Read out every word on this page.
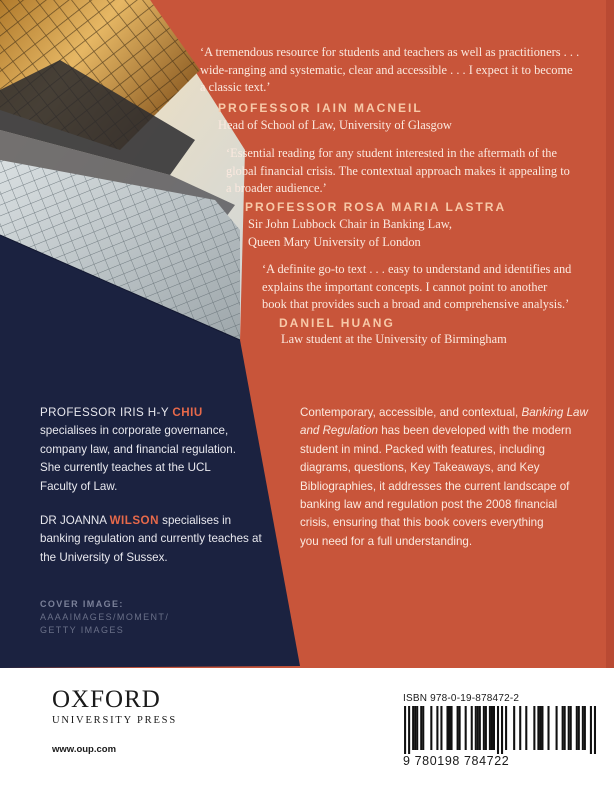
‘A tremendous resource for students and teachers as well as practitioners . . .
wide-ranging and systematic, clear and accessible . . . I expect it to become
a classic text.’
PROFESSOR IAIN MACNEIL
Head of School of Law, University of Glasgow
‘Essential reading for any student interested in the aftermath of the
global financial crisis. The contextual approach makes it appealing to
a broader audience.’
PROFESSOR ROSA MARIA LASTRA
Sir John Lubbock Chair in Banking Law,
Queen Mary University of London
‘A definite go-to text . . . easy to understand and identifies and
explains the important concepts. I cannot point to another
book that provides such a broad and comprehensive analysis.’
DANIEL HUANG
Law student at the University of Birmingham
PROFESSOR IRIS H-Y CHIU
specialises in corporate governance,
company law, and financial regulation.
She currently teaches at the UCL
Faculty of Law.
DR JOANNA WILSON specialises in
banking regulation and currently teaches at
the University of Sussex.
Contemporary, accessible, and contextual, Banking Law
and Regulation has been developed with the modern
student in mind. Packed with features, including
diagrams, questions, Key Takeaways, and Key
Bibliographies, it addresses the current landscape of
banking law and regulation post the 2008 financial
crisis, ensuring that this book covers everything
you need for a full understanding.
COVER IMAGE:
AAAAIMAGES/MOMENT/
GETTY IMAGES
OXFORD
UNIVERSITY PRESS
www.oup.com
ISBN 978-0-19-878472-2
9 780198 784722
